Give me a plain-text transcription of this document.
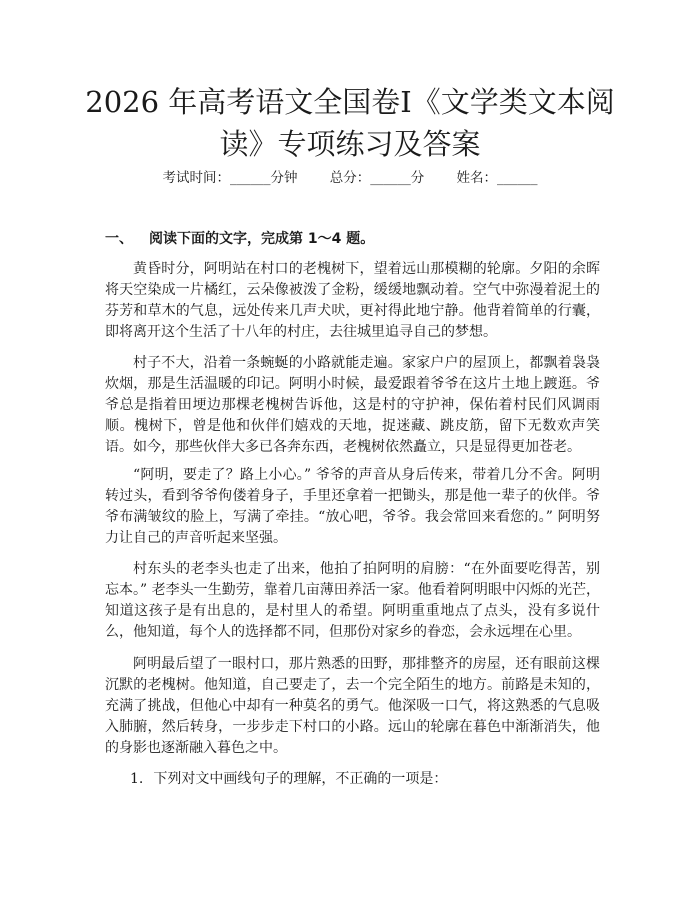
2026 年高考语文全国卷Ⅰ《文学类文本阅
读》专项练习及答案
考试时间：______分钟 总分：______分 姓名：______
一、 阅读下面的文字，完成第 1～4 题。

黄昏时分，阿明站在村口的老槐树下，望着远山那模糊的轮廓。夕阳的余晖将天空染成一片橘红，云朵像被泼了金粉，缓缓地飘动着。空气中弥漫着泥土的芬芳和草木的气息，远处传来几声犬吠，更衬得此地宁静。他背着简单的行囊，即将离开这个生活了十八年的村庄，去往城里追寻自己的梦想。

村子不大，沿着一条蜿蜒的小路就能走遍。家家户户的屋顶上，都飘着袅袅炊烟，那是生活温暖的印记。阿明小时候，最爱跟着爷爷在这片土地上踱逛。爷爷总是指着田埂边那棵老槐树告诉他，这是村的守护神，保佑着村民们风调雨顺。槐树下，曾是他和伙伴们嬉戏的天地，捉迷藏、跳皮筋，留下无数欢声笑语。如今，那些伙伴大多已各奔东西，老槐树依然矗立，只是显得更加苍老。

“阿明，要走了？路上小心。” 爷爷的声音从身后传来，带着几分不舍。阿明转过头，看到爷爷佝偻着身子，手里还拿着一把锄头，那是他一辈子的伙伴。爷爷布满皱纹的脸上，写满了牵挂。“放心吧，爷爷。我会常回来看您的。” 阿明努力让自己的声音听起来坚强。

村东头的老李头也走了出来，他拍了拍阿明的肩膀：“在外面要吃得苦，别忘本。” 老李头一生勤劳，靠着几亩薄田养活一家。他看着阿明眼中闪烁的光芒，知道这孩子是有出息的，是村里人的希望。阿明重重地点了点头，没有多说什么，他知道，每个人的选择都不同，但那份对家乡的眷恋，会永远埋在心里。

阿明最后望了一眼村口，那片熟悉的田野，那排整齐的房屋，还有眼前这棵沉默的老槐树。他知道，自己要走了，去一个完全陌生的地方。前路是未知的，充满了挑战，但他心中却有一种莫名的勇气。他深吸一口气，将这熟悉的气息吸入肺腑，然后转身，一步步走下村口的小路。远山的轮廓在暮色中渐渐消失，他的身影也逐渐融入暮色之中。

1. 下列对文中画线句子的理解，不正确的一项是：
